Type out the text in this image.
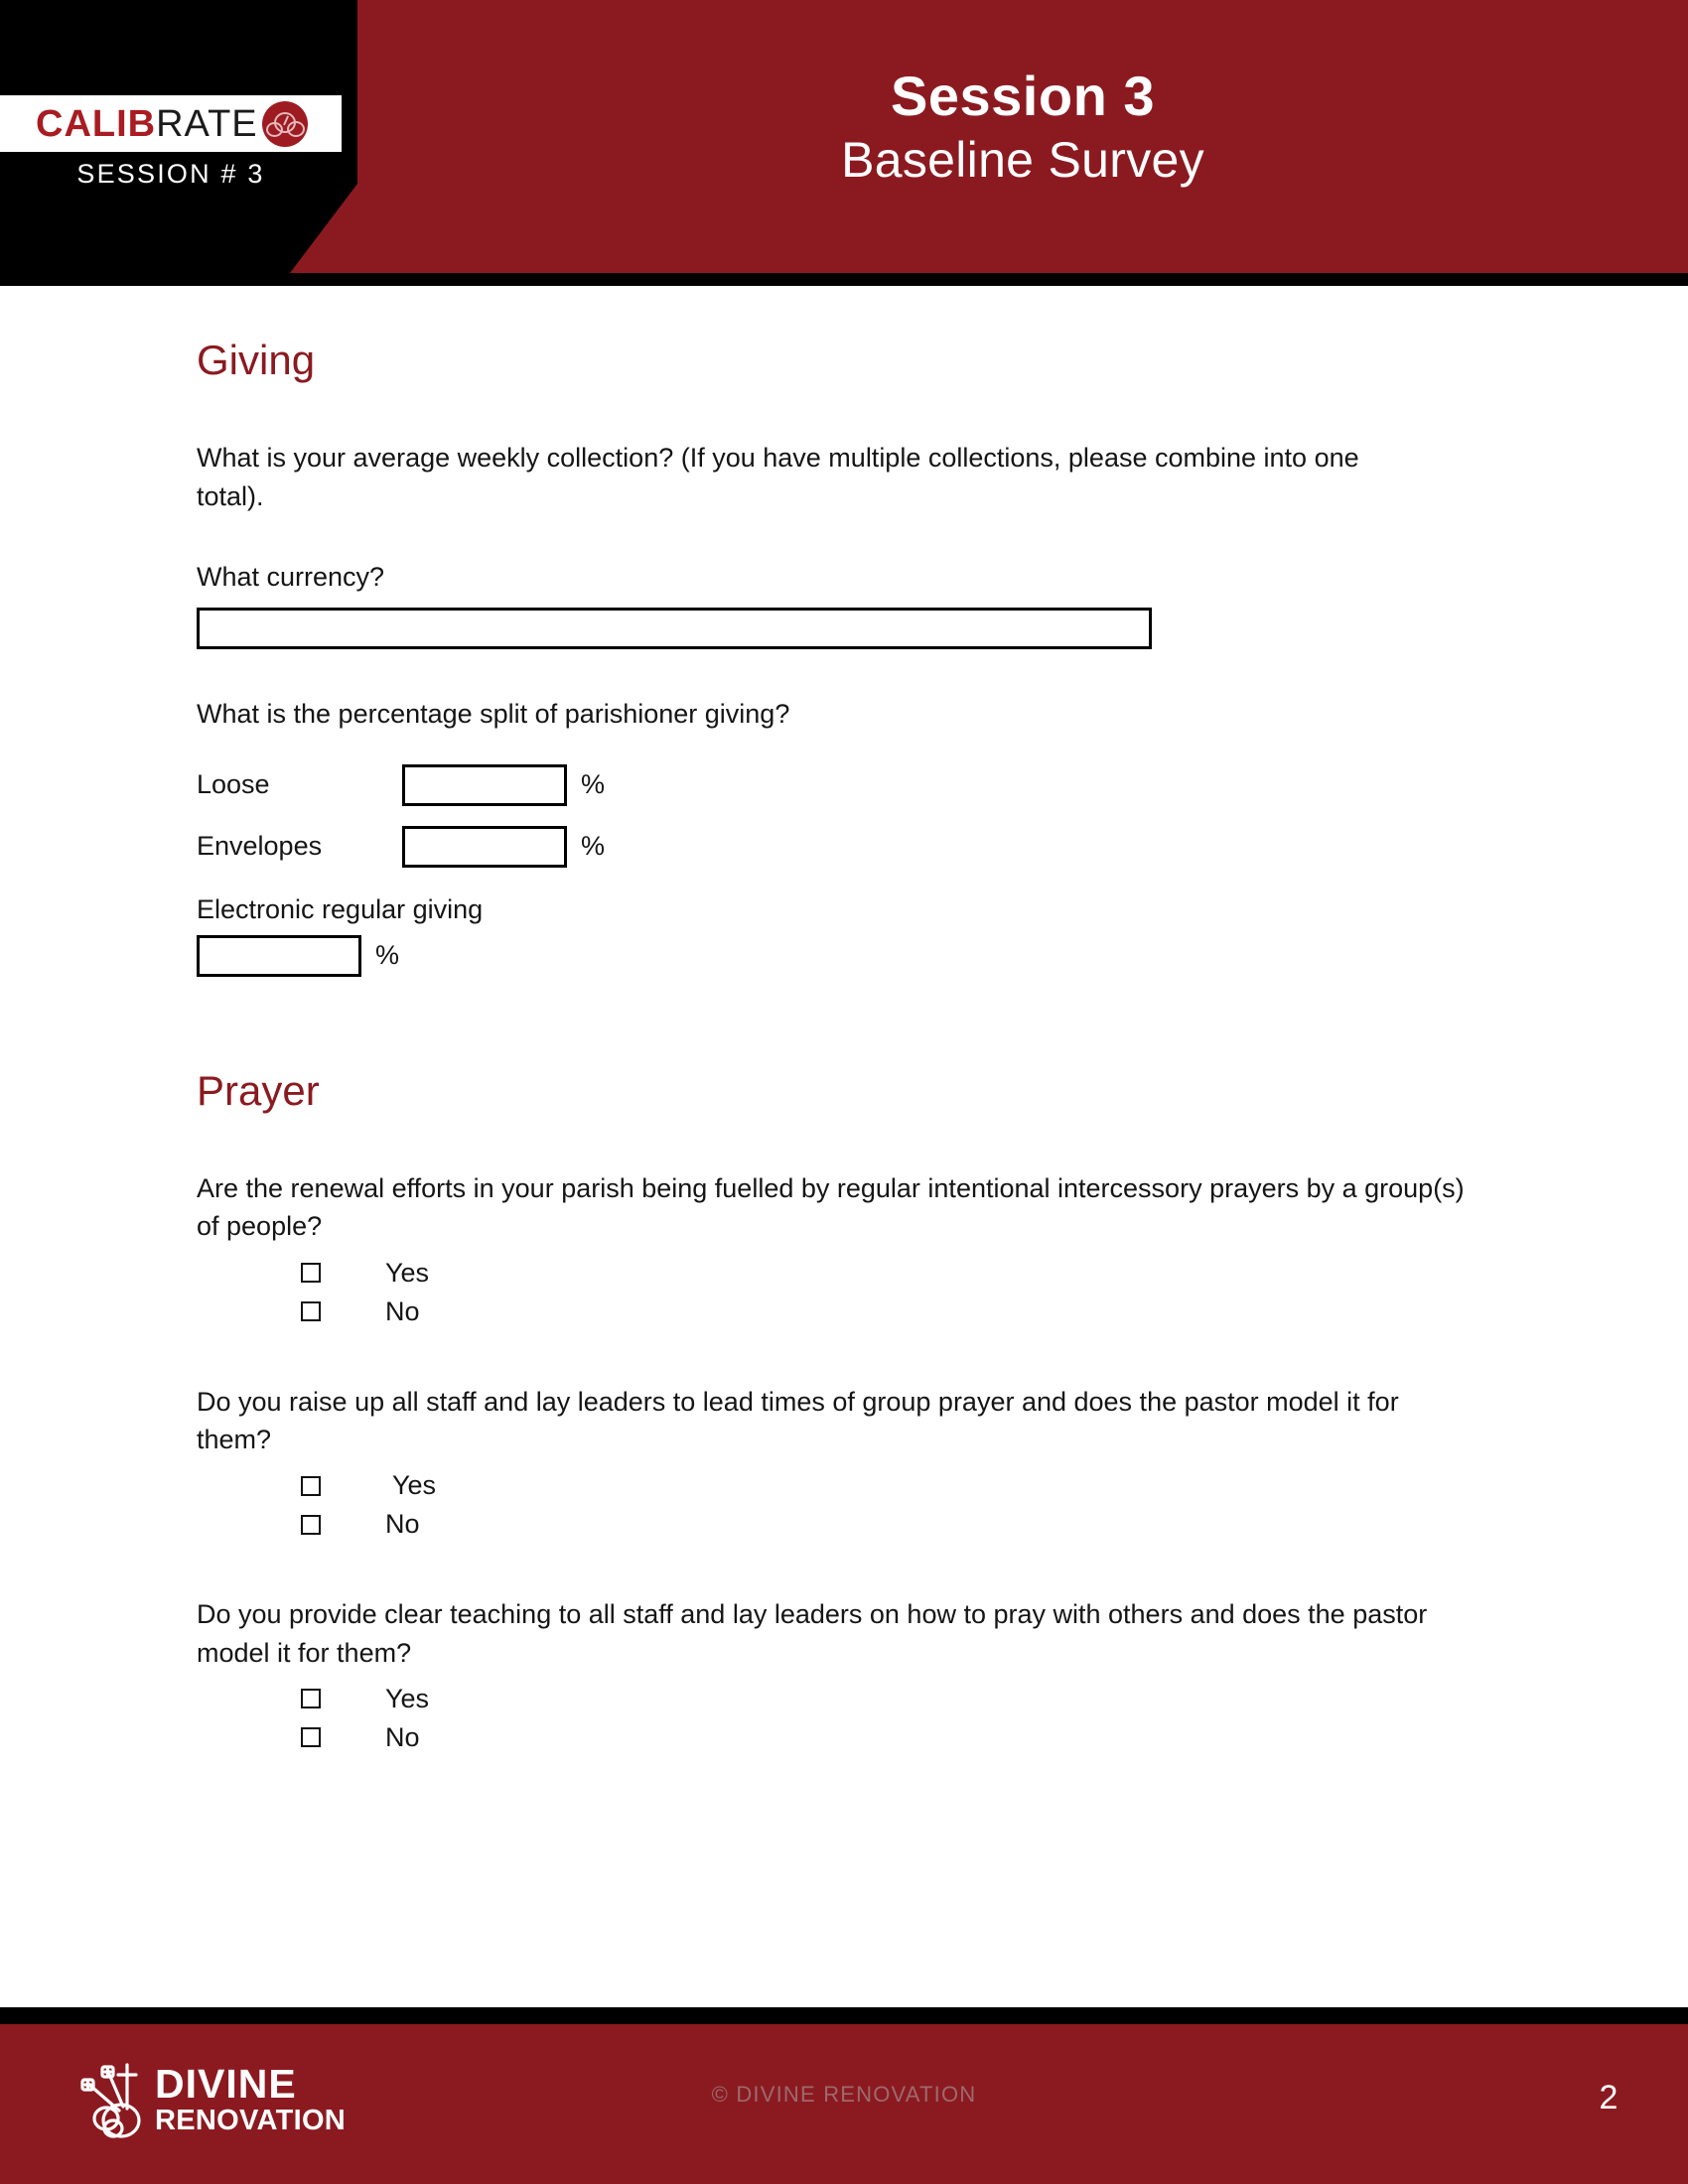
CALIBRATE
SESSION # 3
Session 3
Baseline Survey
Giving

What is your average weekly collection? (If you have multiple collections, please combine into one total).

What currency?

What is the percentage split of parishioner giving?

Loose	%
Envelopes	%

Electronic regular giving

%
Prayer

Are the renewal efforts in your parish being fuelled by regular intentional intercessory prayers by a group(s) of people?

Yes
No

Do you raise up all staff and lay leaders to lead times of group prayer and does the pastor model it for them?

Yes
No

Do you provide clear teaching to all staff and lay leaders on how to pray with others and does the pastor model it for them?

Yes
No
DIVINE
RENOVATION
© DIVINE RENOVATION	2
